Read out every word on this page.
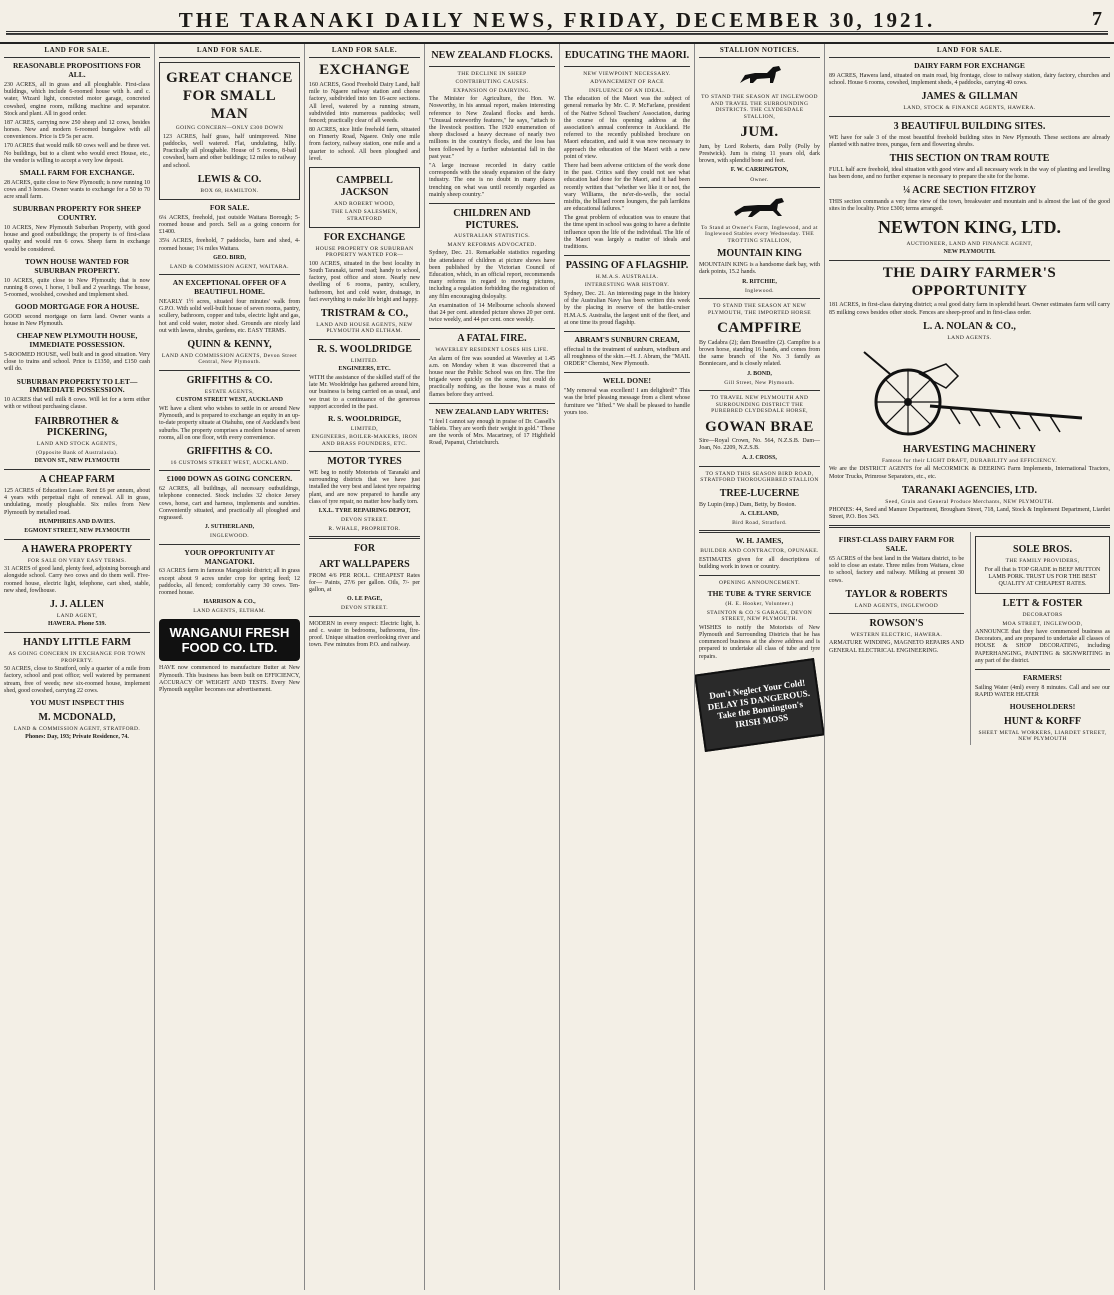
THE TARANAKI DAILY NEWS, FRIDAY, DECEMBER 30, 1921.	7
LAND FOR SALE.
REASONABLE PROPOSITIONS FOR ALL.
230 ACRES, all in grass and all ploughable. First-class buildings, which include 6-roomed house with h. and c. water, Wizard light, concreted motor garage, concreted cowshed, engine room, milking machine and separator. Stock and plant. All in good order.
187 ACRES, carrying now 250 sheep and 12 cows, besides horses. New and modern 6-roomed bungalow with all conveniences. Price is £9 5s per acre.
170 ACRES that would milk 60 cows well and be three vet. No buildings, but to a client who would erect House, etc., the vendor is willing to accept a very low deposit.
SMALL FARM FOR EXCHANGE.
28 ACRES, quite close to New Plymouth; is now running 10 cows and 3 horses. Owner wants to exchange for a 50 to 70 acre small farm.
SUBURBAN PROPERTY FOR SHEEP COUNTRY.
10 ACRES, New Plymouth Suburban Property, with good house and good outbuildings; the property is of first-class quality and would run 6 cows. Sheep farm in exchange would be considered.
TOWN HOUSE WANTED FOR SUBURBAN PROPERTY.
10 ACRES, quite close to New Plymouth; that is now running 8 cows, 1 horse, 1 bull and 2 yearlings. The house, 5-roomed, woolshed, cowshed and implement shed.
GOOD MORTGAGE FOR A HOUSE.
GOOD second mortgage on farm land. Owner wants a house in New Plymouth.
CHEAP NEW PLYMOUTH HOUSE, IMMEDIATE POSSESSION.
5-ROOMED HOUSE, well built and in good situation. Very close to trains and school. Price is £1350, and £150 cash will do.
SUBURBAN PROPERTY TO LET—IMMEDIATE POSSESSION.
10 ACRES that will milk 8 cows. Will let for a term either with or without purchasing clause.
FAIRBROTHER & PICKERING,
LAND AND STOCK AGENTS,
(Opposite Bank of Australasia).
DEVON ST., NEW PLYMOUTH
A CHEAP FARM
125 ACRES of Education Lease. Rent £6 per annum, about 4 years with perpetual right of renewal. All in grass, undulating, mostly ploughable. Six miles from New Plymouth by metalled road.
HUMPHRIES AND DAVIES.
EGMONT STREET, NEW PLYMOUTH
A HAWERA PROPERTY
FOR SALE ON VERY EASY TERMS.
31 ACRES of good land, plenty feed, adjoining borough and alongside school. Carry two cows and do them well. Five-roomed house, electric light, telephone, cart shed, stable, new shed, fowlhouse.
J. J. ALLEN
LAND AGENT,
HAWERA. Phone 539.
HANDY LITTLE FARM
AS GOING CONCERN IN EXCHANGE FOR TOWN PROPERTY.
50 ACRES, close to Stratford, only a quarter of a mile from factory, school and post office; well watered by permanent stream, free of weeds; new six-roomed house, implement shed, good cowshed, carrying 22 cows.
YOU MUST INSPECT THIS
M. MCDONALD,
LAND & COMMISSION AGENT, STRATFORD.
Phones: Day, 193; Private Residence, 74.
LAND FOR SALE.
GREAT CHANCE FOR SMALL MAN
GOING CONCERN—ONLY £300 DOWN
123 ACRES, half grass, half unimproved. Nine paddocks, well watered. Flat, undulating, hilly. Practically all ploughable. House of 5 rooms, 8-bail cowshed, barn and other buildings; 12 miles to railway and school.
LEWIS & CO.
BOX 68, HAMILTON.
FOR SALE.
6¼ ACRES, freehold, just outside Waitara Borough; 5-roomed house and porch. Sell as a going concern for £1400.
35¼ ACRES, freehold, 7 paddocks, barn and shed, 4-roomed house; 1¼ miles Waitara.
GEO. BIRD,
LAND & COMMISSION AGENT, WAITARA.
AN EXCEPTIONAL OFFER OF A BEAUTIFUL HOME.
NEARLY 1½ acres, situated four minutes' walk from G.P.O. With solid well-built house of seven rooms, pantry, scullery, bathroom, copper and tubs, electric light and gas, hot and cold water, motor shed. Grounds are nicely laid out with lawns, shrubs, gardens, etc. EASY TERMS.
QUINN & KENNY,
LAND AND COMMISSION AGENTS, Devon Street Central, New Plymouth.
GRIFFITHS & CO.
ESTATE AGENTS,
CUSTOM STREET WEST, AUCKLAND
WE have a client who wishes to settle in or around New Plymouth, and is prepared to exchange an equity in an up-to-date property situate at Otahuhu, one of Auckland's best suburbs. The property comprises a modern house of seven rooms, all on one floor, with every convenience.
GRIFFITHS & CO.
16 CUSTOMS STREET WEST, AUCKLAND.
£1000 DOWN AS GOING CONCERN.
62 ACRES, all buildings, all necessary outbuildings, telephone connected. Stock includes 32 choice Jersey cows, horse, cart and harness, implements and sundries. Conveniently situated, and practically all ploughed and regrassed.
J. SUTHERLAND,
INGLEWOOD.
YOUR OPPORTUNITY AT MANGATOKI.
63 ACRES farm in famous Mangatoki district; all in grass except about 9 acres under crop for spring feed; 12 paddocks, all fenced; comfortably carry 30 cows. Ten-roomed house.
HARRISON & CO.,
LAND AGENTS, ELTHAM.
WANGANUI FRESH FOOD CO. LTD.
HAVE now commenced to manufacture Butter at New Plymouth. This business has been built on EFFICIENCY, ACCURACY OF WEIGHT AND TESTS. Every New Plymouth supplier becomes our advertisement.
LAND FOR SALE.
EXCHANGE
160 ACRES, Good Freehold Dairy Land, half mile to Ngaere railway station and cheese factory, subdivided into ten 16-acre sections. All level, watered by a running stream, subdivided into numerous paddocks; well fenced; practically clear of all weeds.
80 ACRES, nice little freehold farm, situated on Finnerty Road, Ngaere. Only one mile from factory, railway station, one mile and a quarter to school. All been ploughed and level.
CAMPBELL JACKSON
AND ROBERT WOOD,
THE LAND SALESMEN, STRATFORD
FOR EXCHANGE
HOUSE PROPERTY OR SUBURBAN PROPERTY WANTED FOR—
100 ACRES, situated in the best locality in South Taranaki, tarred road; handy to school, factory, post office and store. Nearly new dwelling of 6 rooms, pantry, scullery, bathroom, hot and cold water, drainage, in fact everything to make life bright and happy.
TRISTRAM & CO.,
LAND AND HOUSE AGENTS, NEW PLYMOUTH AND ELTHAM.
R. S. WOOLDRIDGE
LIMITED.
ENGINEERS, ETC.
WITH the assistance of the skilled staff of the late Mr. Wooldridge has gathered around him, our business is being carried on as usual, and we trust to a continuance of the generous support accorded in the past.
R. S. WOOLDRIDGE,
LIMITED,
ENGINEERS, BOILER-MAKERS, IRON AND BRASS FOUNDERS, ETC.
MOTOR TYRES
WE beg to notify Motorists of Taranaki and surrounding districts that we have just installed the very best and latest tyre repairing plant, and are now prepared to handle any class of tyre repair, no matter how badly torn.
I.X.L. TYRE REPAIRING DEPOT,
DEVON STREET.
R. WHALE, PROPRIETOR.
FOR
ART WALLPAPERS
FROM 4/6 PER ROLL. CHEAPEST Rates for— Paints, 27/6 per gallon. Oils, 7/- per gallon, at
O. LE PAGE,
DEVON STREET.
MODERN in every respect: Electric light, h. and c. water in bedrooms, bathrooms, fire-proof. Unique situation overlooking river and town. Few minutes from P.O. and railway.
NEW ZEALAND FLOCKS.
THE DECLINE IN SHEEP
CONTRIBUTING CAUSES.
EXPANSION OF DAIRYING.
The Minister for Agriculture, the Hon. W. Nosworthy, in his annual report, makes interesting reference to New Zealand flocks and herds. "Unusual noteworthy features," he says, "attach to the livestock position. The 1920 enumeration of sheep disclosed a heavy decrease of nearly two millions in the country's flocks, and the loss has been followed by a further substantial fall in the past year."
"A large increase recorded in dairy cattle corresponds with the steady expansion of the dairy industry. The one is no doubt in many places trenching on what was until recently regarded as mainly sheep country."
CHILDREN AND PICTURES.
AUSTRALIAN STATISTICS.
MANY REFORMS ADVOCATED.
Sydney, Dec. 21. Remarkable statistics regarding the attendance of children at picture shows have been published by the Victorian Council of Education, which, in an official report, recommends many reforms in regard to moving pictures, including a regulation forbidding the registration of any film encouraging disloyalty.
An examination of 14 Melbourne schools showed that 24 per cent. attended picture shows 20 per cent. twice weekly, and 44 per cent. once weekly.
A FATAL FIRE.
WAVERLEY RESIDENT LOSES HIS LIFE.
An alarm of fire was sounded at Waverley at 1.45 a.m. on Monday when it was discovered that a house near the Public School was on fire. The fire brigade were quickly on the scene, but could do practically nothing, as the house was a mass of flames before they arrived.
NEW ZEALAND LADY WRITES:
"I feel I cannot say enough in praise of Dr. Cassell's Tablets. They are worth their weight in gold." These are the words of Mrs. Macartney, of 17 Highfield Road, Papanui, Christchurch.
EDUCATING THE MAORI.
NEW VIEWPOINT NECESSARY.
ADVANCEMENT OF RACE
INFLUENCE OF AN IDEAL.
The education of the Maori was the subject of general remarks by Mr. C. P. McFarlane, president of the Native School Teachers' Association, during the course of his opening address at the association's annual conference in Auckland. He referred to the recently published brochure on Maori education, and said it was now necessary to approach the education of the Maori with a new point of view.
There had been adverse criticism of the work done in the past. Critics said they could not see what education had done for the Maori, and it had been recently written that "whether we like it or not, the wary Williams, the ne'er-do-wells, the social misfits, the billiard room loungers, the pah larrikins are educational failures."
The great problem of education was to ensure that the time spent in school was going to have a definite influence upon the life of the individual. The life of the Maori was largely a matter of ideals and traditions.
PASSING OF A FLAGSHIP.
H.M.A.S. AUSTRALIA.
INTERESTING WAR HISTORY.
Sydney, Dec. 21. An interesting page in the history of the Australian Navy has been written this week by the placing in reserve of the battle-cruiser H.M.A.S. Australia, the largest unit of the fleet, and at one time its proud flagship.
ABRAM'S SUNBURN CREAM,
effectual in the treatment of sunburn, windburn and all roughness of the skin.—H. J. Abram, the "MAIL ORDER" Chemist, New Plymouth.
WELL DONE!
"My removal was excellent! I am delighted!" This was the brief pleasing message from a client whose furniture we "lifted." We shall be pleased to handle yours too.
STALLION NOTICES.
TO STAND THE SEASON AT INGLEWOOD AND TRAVEL THE SURROUNDING DISTRICTS. THE CLYDESDALE STALLION,
JUM.
Jum, by Lord Roberts, dam Polly (Polly by Prestwick). Jum is rising 11 years old, dark brown, with splendid bone and feet.
F. W. CARRINGTON,
Owner.
To Stand at Owner's Farm, Inglewood, and at Inglewood Stables every Wednesday. THE TROTTING STALLION,
MOUNTAIN KING
MOUNTAIN KING is a handsome dark bay, with dark points, 15.2 hands.
R. RITCHIE,
Inglewood.
TO STAND THE SEASON AT NEW PLYMOUTH, THE IMPORTED HORSE
CAMPFIRE
By Cadabra (2); dam Breastfire (2). Campfire is a brown horse, standing 16 hands, and comes from the same branch of the No. 3 family as Bonniecare, and is closely related.
J. BOND,
Gill Street, New Plymouth.
TO TRAVEL NEW PLYMOUTH AND SURROUNDING DISTRICT THE PUREBRED CLYDESDALE HORSE,
GOWAN BRAE
Sire—Royal Crown, No. 564, N.Z.S.B. Dam—Joan, No. 2209, N.Z.S.B.
A. J. CROSS,
TO STAND THIS SEASON BIRD ROAD, STRATFORD THOROUGHBRED STALLION
TREE-LUCERNE
By Lupin (imp.) Dam, Betty, by Boston.
A. CLELAND,
Bird Road, Stratford.
W. H. JAMES,
BUILDER AND CONTRACTOR, OPUNAKE.
ESTIMATES given for all descriptions of building work in town or country.
OPENING ANNOUNCEMENT.
THE TUBE & TYRE SERVICE
(H. E. Hooker, Volunteer.)
STAINTON & CO.'S GARAGE, DEVON STREET, NEW PLYMOUTH.
WISHES to notify the Motorists of New Plymouth and Surrounding Districts that he has commenced business at the above address and is prepared to undertake all class of tube and tyre repairs.
Don't Neglect Your Cold! DELAY IS DANGEROUS. Take the Bonnington's IRISH MOSS
LAND FOR SALE.
DAIRY FARM FOR EXCHANGE
89 ACRES, Hawera land, situated on main road, big frontage, close to railway station, dairy factory, churches and school. House 6 rooms, cowshed, implement sheds, 4 paddocks, carrying 40 cows.
JAMES & GILLMAN
LAND, STOCK & FINANCE AGENTS, HAWERA.
3 BEAUTIFUL BUILDING SITES.
WE have for sale 3 of the most beautiful freehold building sites in New Plymouth. These sections are already planted with native trees, pungas, fern and flowering shrubs.
THIS SECTION ON TRAM ROUTE
FULL half acre freehold, ideal situation with good view and all necessary work in the way of planting and levelling has been done, and no further expense is necessary to prepare the site for the home.
¼ ACRE SECTION FITZROY
THIS section commands a very fine view of the town, breakwater and mountain and is almost the last of the good sites in the locality. Price £300; terms arranged.
NEWTON KING, LTD.
AUCTIONEER, LAND AND FINANCE AGENT,
NEW PLYMOUTH.
THE DAIRY FARMER'S OPPORTUNITY
181 ACRES, in first-class dairying district; a real good dairy farm in splendid heart. Owner estimates farm will carry 85 milking cows besides other stock. Fences are sheep-proof and in first-class order.
L. A. NOLAN & CO.,
LAND AGENTS.
HARVESTING MACHINERY
Famous for their LIGHT DRAFT, DURABILITY and EFFICIENCY.
We are the DISTRICT AGENTS for all McCORMICK & DEERING Farm Implements, International Tractors, Motor Trucks, Primrose Separators, etc., etc.
TARANAKI AGENCIES, LTD.
Seed, Grain and General Produce Merchants, NEW PLYMOUTH.
PHONES: 44, Seed and Manure Department, Brougham Street, 718, Land, Stock & Implement Department, Liardet Street, P.O. Box 343.
FIRST-CLASS DAIRY FARM FOR SALE.
65 ACRES of the best land in the Waitara district, to be sold to close an estate. Three miles from Waitara, close to school, factory and railway. Milking at present 30 cows.
TAYLOR & ROBERTS
LAND AGENTS, INGLEWOOD
ROWSON'S
WESTERN ELECTRIC, HAWERA.
ARMATURE WINDING, MAGNETO REPAIRS AND GENERAL ELECTRICAL ENGINEERING.
SOLE BROS.
THE FAMILY PROVIDERS,
For all that is TOP GRADE in BEEF MUTTON LAMB PORK. TRUST US FOR THE BEST QUALITY AT CHEAPEST RATES.
LETT & FOSTER
DECORATORS
MOA STREET, INGLEWOOD,
ANNOUNCE that they have commenced business as Decorators, and are prepared to undertake all classes of HOUSE & SHOP DECORATING, including PAPERHANGING, PAINTING & SIGNWRITING in any part of the district.
FARMERS!
Sailing Water (4ml) every 8 minutes. Call and see our RAPID WATER HEATER
HOUSEHOLDERS!
HUNT & KORFF
SHEET METAL WORKERS, LIARDET STREET, NEW PLYMOUTH
